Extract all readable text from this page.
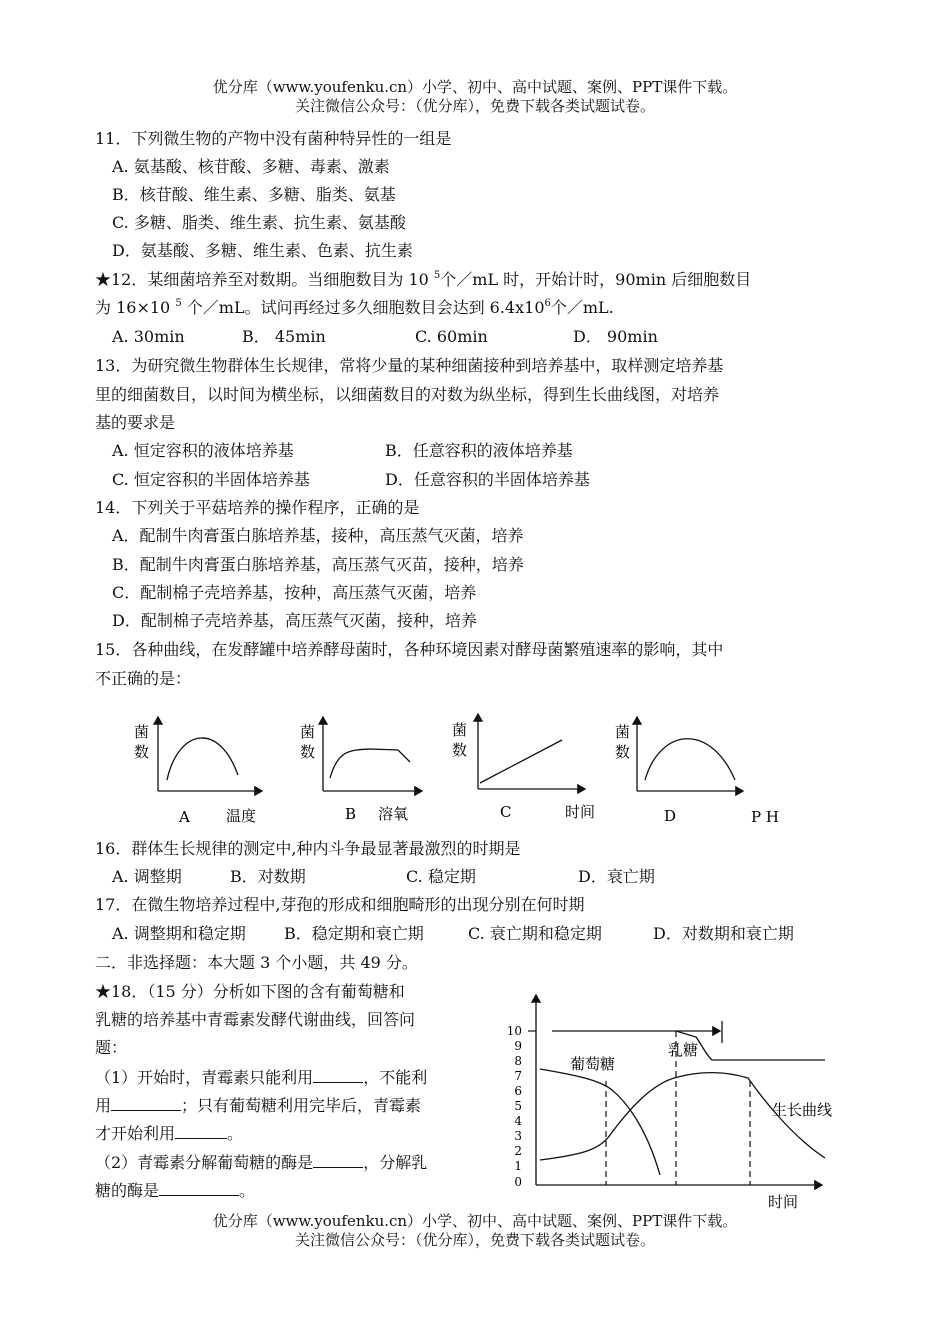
优分库（www.youfenku.cn）小学、初中、高中试题、案例、PPT课件下载。
关注微信公众号：（优分库），免费下载各类试题试卷。
11．下列微生物的产物中没有菌种特异性的一组是
A. 氨基酸、核苷酸、多糖、毒素、激素
B．核苷酸、维生素、多糖、脂类、氨基
C. 多糖、脂类、维生素、抗生素、氨基酸
D．氨基酸、多糖、维生素、色素、抗生素
★12．某细菌培养至对数期。当细胞数目为 10 $^5$个／mL 时，开始计时，90min 后细胞数目
为 16×10 $^5$ 个／mL。试问再经过多久细胞数目会达到 $6.4x10^6$个／mL.
A. 30min	B． 45min	C. 60min	D． 90min
13．为研究微生物群体生长规律，常将少量的某种细菌接种到培养基中，取样测定培养基
里的细菌数目，以时间为横坐标，以细菌数目的对数为纵坐标，得到生长曲线图，对培养
基的要求是
A. 恒定容积的液体培养基	B．任意容积的液体培养基
C. 恒定容积的半固体培养基	D．任意容积的半固体培养基
14．下列关于平菇培养的操作程序，正确的是
A．配制牛肉膏蛋白胨培养基，接种，高压蒸气灭菌，培养
B．配制牛肉膏蛋白胨培养基，高压蒸气灭苗，接种，培养
C．配制棉子壳培养基，按种，高压蒸气灭菌，培养
D．配制棉子壳培养基，高压蒸气灭菌，接种，培养
15．各种曲线，在发酵罐中培养酵母菌时，各种环境因素对酵母菌繁殖速率的影响，其中
不正确的是：
菌
数
A 温度
菌
数
B 溶氧
菌
数
C	时间
菌
数
D	P H
16．群体生长规律的测定中,种内斗争最显著最激烈的时期是
A. 调整期	B．对数期	C. 稳定期	D．衰亡期
17．在微生物培养过程中,芽孢的形成和细胞畸形的出现分别在何时期
A. 调整期和稳定期 B．稳定期和衰亡期	C. 衰亡期和稳定期	D．对数期和衰亡期
二．非选择题：本大题 3 个小题，共 49 分。
★18．（15 分）分析如下图的含有葡萄糖和
乳糖的培养基中青霉素发酵代谢曲线，回答问
题：
（1）开始时，青霉素只能利用	，不能利
用	；只有葡萄糖利用完毕后，青霉素
才开始利用	。
（2）青霉素分解葡萄糖的酶是	，分解乳
糖的酶是	。
10
9
8
7
6
5
4
3
2
1
0
葡萄糖
乳糖
生长曲线
时间
优分库（www.youfenku.cn）小学、初中、高中试题、案例、PPT课件下载。
关注微信公众号：（优分库），免费下载各类试题试卷。
